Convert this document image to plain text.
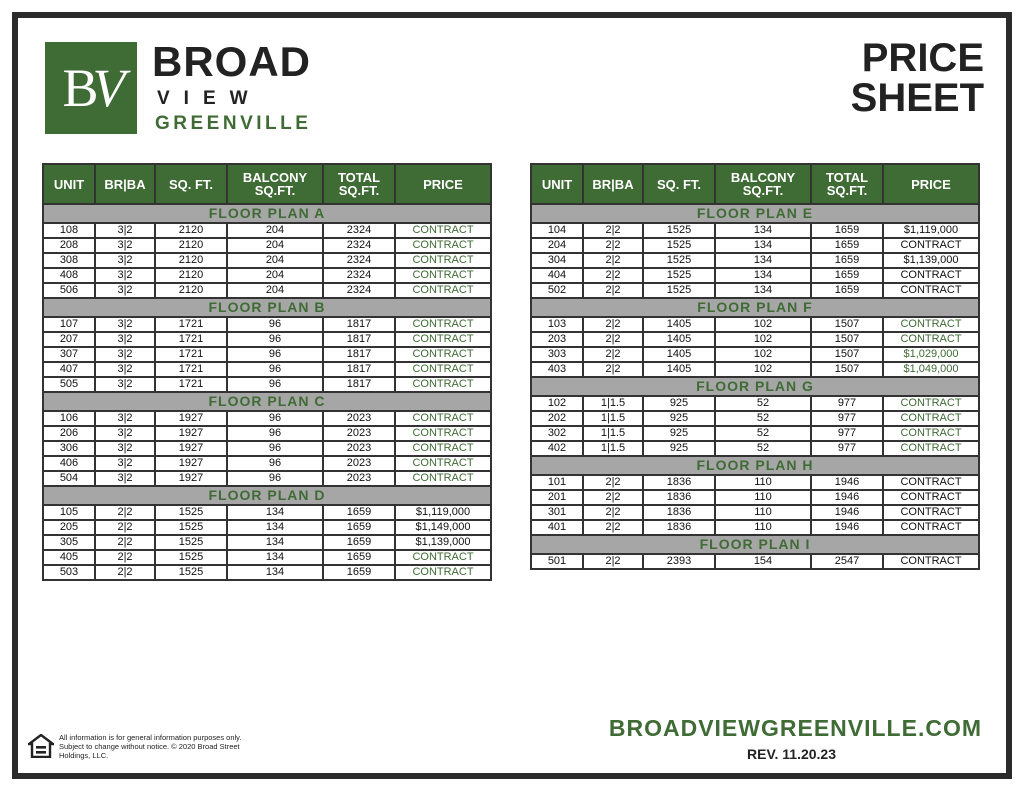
BV BROAD
VIEW
GREENVILLE
PRICE
SHEET
UNIT	BR|BA	SQ. FT.	BALCONY SQ.FT.	TOTAL SQ.FT.	PRICE
FLOOR PLAN A					
108	3|2	2120	204	2324	CONTRACT
208	3|2	2120	204	2324	CONTRACT
308	3|2	2120	204	2324	CONTRACT
408	3|2	2120	204	2324	CONTRACT
506	3|2	2120	204	2324	CONTRACT
FLOOR PLAN B					
107	3|2	1721	96	1817	CONTRACT
207	3|2	1721	96	1817	CONTRACT
307	3|2	1721	96	1817	CONTRACT
407	3|2	1721	96	1817	CONTRACT
505	3|2	1721	96	1817	CONTRACT
FLOOR PLAN C					
106	3|2	1927	96	2023	CONTRACT
206	3|2	1927	96	2023	CONTRACT
306	3|2	1927	96	2023	CONTRACT
406	3|2	1927	96	2023	CONTRACT
504	3|2	1927	96	2023	CONTRACT
FLOOR PLAN D					
105	2|2	1525	134	1659	$1,119,000
205	2|2	1525	134	1659	$1,149,000
305	2|2	1525	134	1659	$1,139,000
405	2|2	1525	134	1659	CONTRACT
503	2|2	1525	134	1659	CONTRACT
UNIT	BR|BA	SQ. FT.	BALCONY SQ.FT.	TOTAL SQ.FT.	PRICE
FLOOR PLAN E					
104	2|2	1525	134	1659	$1,119,000
204	2|2	1525	134	1659	CONTRACT
304	2|2	1525	134	1659	$1,139,000
404	2|2	1525	134	1659	CONTRACT
502	2|2	1525	134	1659	CONTRACT
FLOOR PLAN F					
103	2|2	1405	102	1507	CONTRACT
203	2|2	1405	102	1507	CONTRACT
303	2|2	1405	102	1507	$1,029,000
403	2|2	1405	102	1507	$1,049,000
FLOOR PLAN G					
102	1|1.5	925	52	977	CONTRACT
202	1|1.5	925	52	977	CONTRACT
302	1|1.5	925	52	977	CONTRACT
402	1|1.5	925	52	977	CONTRACT
FLOOR PLAN H					
101	2|2	1836	110	1946	CONTRACT
201	2|2	1836	110	1946	CONTRACT
301	2|2	1836	110	1946	CONTRACT
401	2|2	1836	110	1946	CONTRACT
FLOOR PLAN I					
501	2|2	2393	154	2547	CONTRACT
All information is for general information purposes only. Subject to change without notice. © 2020 Broad Street Holdings, LLC.
BROADVIEWGREENVILLE.COM
REV. 11.20.23
